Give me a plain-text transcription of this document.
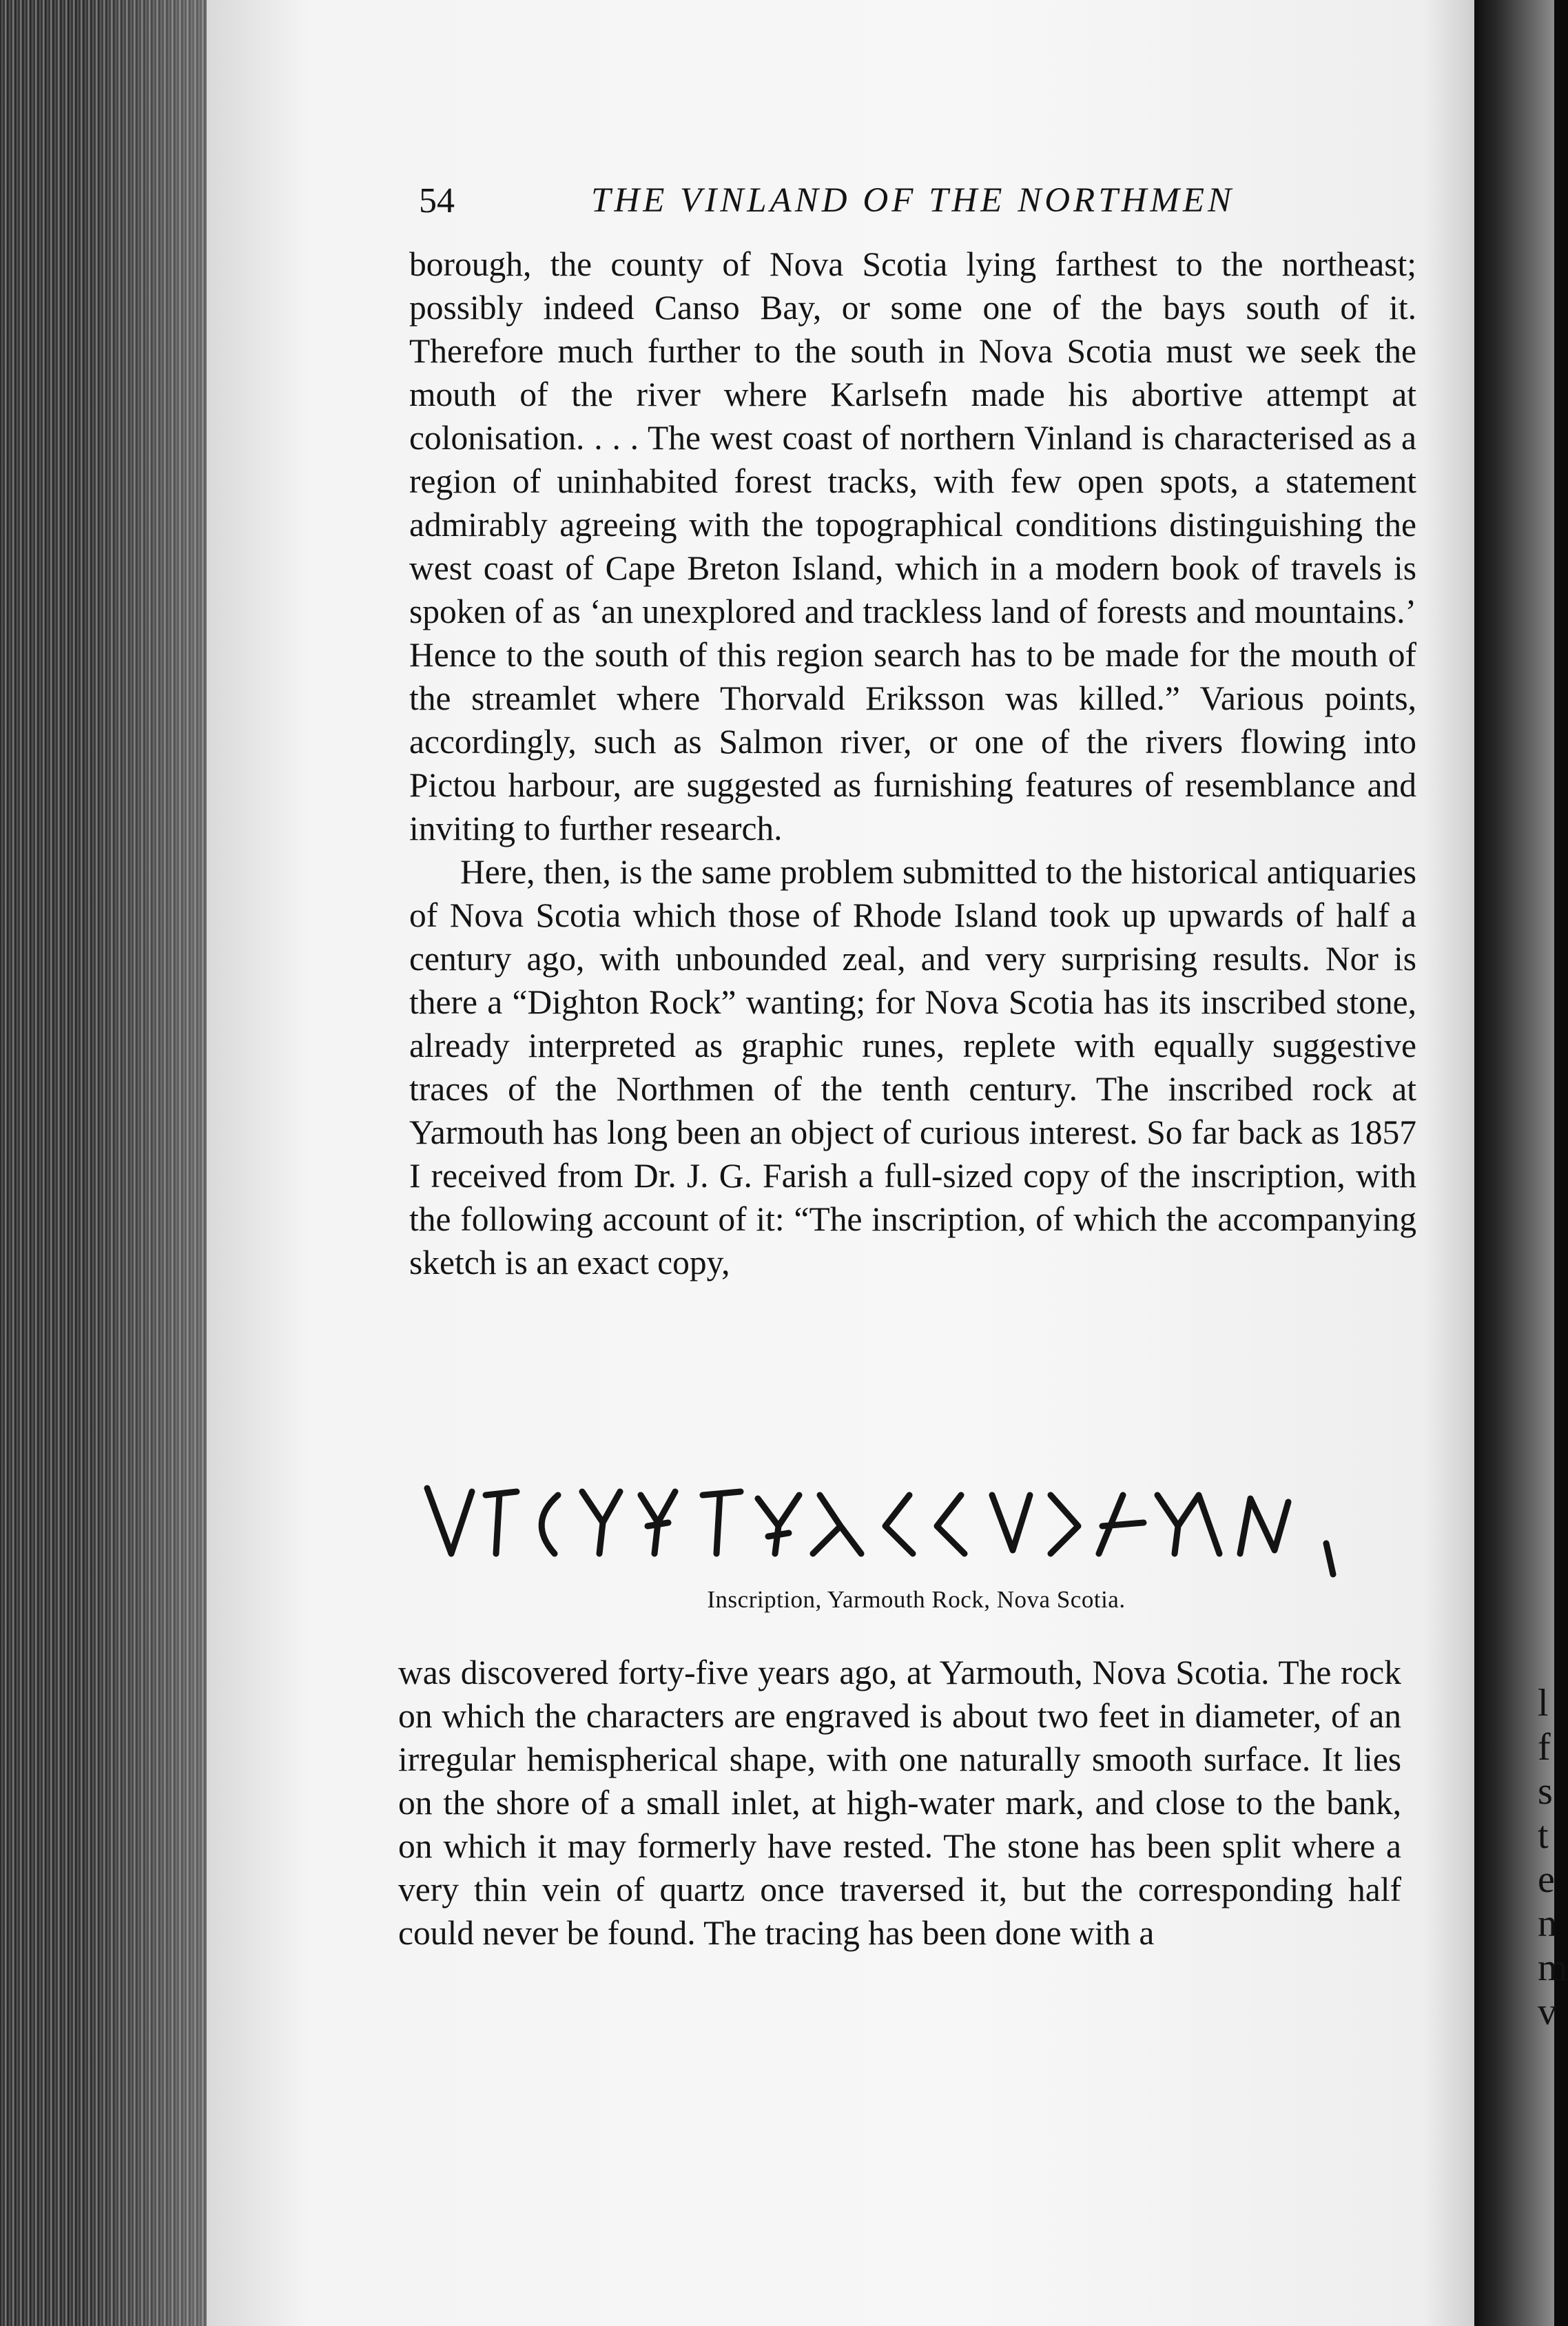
l
f
s
t
e
n
m
v
54	THE VINLAND OF THE NORTHMEN

borough, the county of Nova Scotia lying farthest to the northeast; possibly indeed Canso Bay, or some one of the bays south of it. Therefore much further to the south in Nova Scotia must we seek the mouth of the river where Karlsefn made his abortive attempt at colonisation. . . . The west coast of northern Vinland is characterised as a region of uninhabited forest tracks, with few open spots, a statement admirably agreeing with the topographical conditions distinguishing the west coast of Cape Breton Island, which in a modern book of travels is spoken of as ‘an unexplored and trackless land of forests and mountains.’ Hence to the south of this region search has to be made for the mouth of the streamlet where Thorvald Eriksson was killed.” Various points, accordingly, such as Salmon river, or one of the rivers flowing into Pictou harbour, are suggested as furnishing features of resemblance and inviting to further research.

Here, then, is the same problem submitted to the historical antiquaries of Nova Scotia which those of Rhode Island took up upwards of half a century ago, with unbounded zeal, and very surprising results. Nor is there a “Dighton Rock” wanting; for Nova Scotia has its inscribed stone, already interpreted as graphic runes, replete with equally suggestive traces of the Northmen of the tenth century. The inscribed rock at Yarmouth has long been an object of curious interest. So far back as 1857 I received from Dr. J. G. Farish a full-sized copy of the inscription, with the following account of it: “The inscription, of which the accompanying sketch is an exact copy,

Inscription, Yarmouth Rock, Nova Scotia.

was discovered forty-five years ago, at Yarmouth, Nova Scotia. The rock on which the characters are engraved is about two feet in diameter, of an irregular hemispherical shape, with one naturally smooth surface. It lies on the shore of a small inlet, at high-water mark, and close to the bank, on which it may formerly have rested. The stone has been split where a very thin vein of quartz once traversed it, but the corresponding half could never be found. The tracing has been done with a
